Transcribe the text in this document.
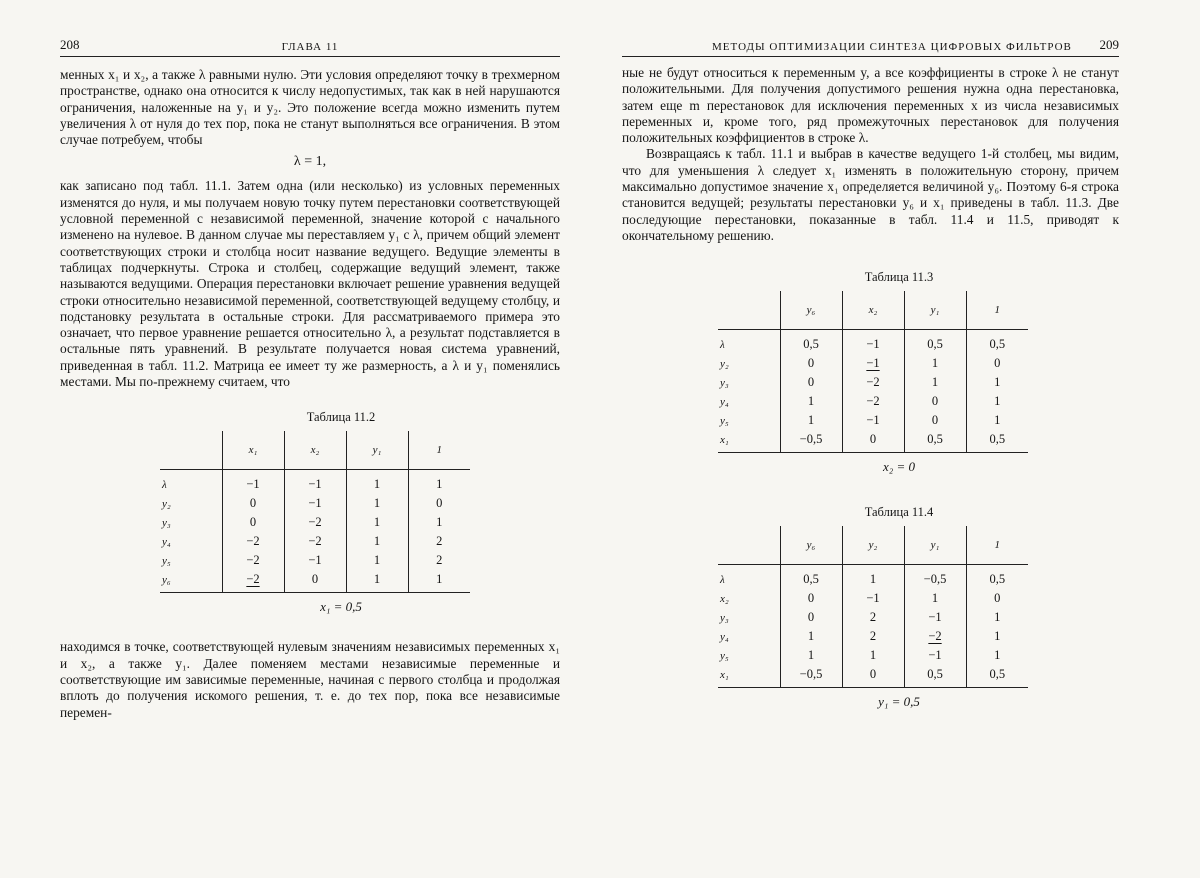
208	ГЛАВА 11

менных x₁ и x₂, а также λ равными нулю. Эти условия определяют точку в трехмерном пространстве, однако она относится к числу недопустимых, так как в ней нарушаются ограничения, наложенные на y₁ и y₂. Это положение всегда можно изменить путем увеличения λ от нуля до тех пор, пока не станут выполняться все ограничения. В этом случае потребуем, чтобы

λ = 1,

как записано под табл. 11.1. Затем одна (или несколько) из условных переменных изменятся до нуля, и мы получаем новую точку путем перестановки соответствующей условной переменной с независимой переменной, значение которой с начального изменено на нулевое. В данном случае мы переставляем y₁ с λ, причем общий элемент соответствующих строки и столбца носит название ведущего. Ведущие элементы в таблицах подчеркнуты. Строка и столбец, содержащие ведущий элемент, также называются ведущими. Операция перестановки включает решение уравнения ведущей строки относительно независимой переменной, соответствующей ведущему столбцу, и подстановку результата в остальные строки. Для рассматриваемого примера это означает, что первое уравнение решается относительно λ, а результат подставляется в остальные пять уравнений. В результате получается новая система уравнений, приведенная в табл. 11.2. Матрица ее имеет ту же размерность, а λ и y₁ поменялись местами. Мы по-прежнему считаем, что

Таблица 11.2
	x₁	x₂	y₁	1
λ	−1	−1	1	1
y₂	0	−1	1	0
y₃	0	−2	1	1
y₄	−2	−2	1	2
y₅	−2	−1	1	2
y₆	−2	0	1	1
x₁ = 0,5

находимся в точке, соответствующей нулевым значениям независимых переменных x₁ и x₂, а также y₁. Далее поменяем местами независимые переменные и соответствующие им зависимые переменные, начиная с первого столбца и продолжая вплоть до получения искомого решения, т. е. до тех пор, пока все независимые перемен-

МЕТОДЫ ОПТИМИЗАЦИИ СИНТЕЗА ЦИФРОВЫХ ФИЛЬТРОВ 209

ные не будут относиться к переменным y, а все коэффициенты в строке λ не станут положительными. Для получения допустимого решения нужна одна перестановка, затем еще m перестановок для исключения переменных x из числа независимых переменных и, кроме того, ряд промежуточных перестановок для получения положительных коэффициентов в строке λ.

Возвращаясь к табл. 11.1 и выбрав в качестве ведущего 1-й столбец, мы видим, что для уменьшения λ следует x₁ изменять в положительную сторону, причем максимально допустимое значение x₁ определяется величиной y₆. Поэтому 6-я строка становится ведущей; результаты перестановки y₆ и x₁ приведены в табл. 11.3. Две последующие перестановки, показанные в табл. 11.4 и 11.5, приводят к окончательному решению.

Таблица 11.3
	y₆	x₂	y₁	1
λ	0,5	−1	0,5	0,5
y₂	0	−1	1	0
y₃	0	−2	1	1
y₄	1	−2	0	1
y₅	1	−1	0	1
x₁	−0,5	0	0,5	0,5
x₂ = 0
Таблица 11.4
	y₆	y₂	y₁	1
λ	0,5	1	−0,5	0,5
x₂	0	−1	1	0
y₃	0	2	−1	1
y₄	1	2	−2	1
y₅	1	1	−1	1
x₁	−0,5	0	0,5	0,5
y₁ = 0,5
